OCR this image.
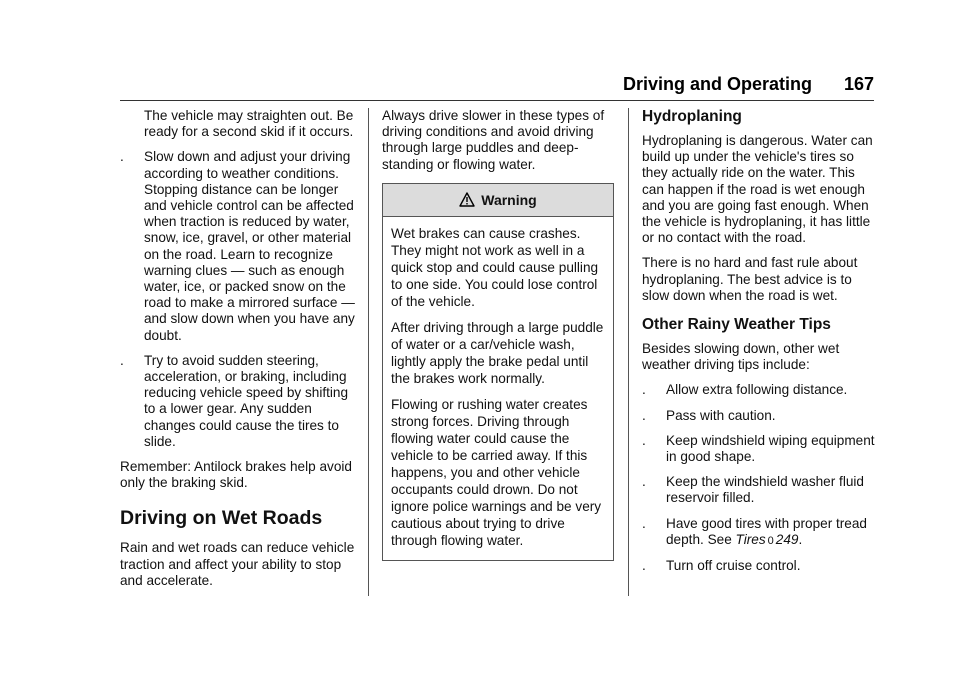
Driving and Operating 167

The vehicle may straighten out. Be ready for a second skid if it occurs.

. Slow down and adjust your driving according to weather conditions. Stopping distance can be longer and vehicle control can be affected when traction is reduced by water, snow, ice, gravel, or other material on the road. Learn to recognize warning clues — such as enough water, ice, or packed snow on the road to make a mirrored surface — and slow down when you have any doubt.
. Try to avoid sudden steering, acceleration, or braking, including reducing vehicle speed by shifting to a lower gear. Any sudden changes could cause the tires to slide.

Remember: Antilock brakes help avoid only the braking skid.

Driving on Wet Roads

Rain and wet roads can reduce vehicle traction and affect your ability to stop and accelerate.

Always drive slower in these types of driving conditions and avoid driving through large puddles and deep-standing or flowing water.

Warning

Wet brakes can cause crashes. They might not work as well in a quick stop and could cause pulling to one side. You could lose control of the vehicle.

After driving through a large puddle of water or a car/vehicle wash, lightly apply the brake pedal until the brakes work normally.

Flowing or rushing water creates strong forces. Driving through flowing water could cause the vehicle to be carried away. If this happens, you and other vehicle occupants could drown. Do not ignore police warnings and be very cautious about trying to drive through flowing water.

Hydroplaning

Hydroplaning is dangerous. Water can build up under the vehicle's tires so they actually ride on the water. This can happen if the road is wet enough and you are going fast enough. When the vehicle is hydroplaning, it has little or no contact with the road.

There is no hard and fast rule about hydroplaning. The best advice is to slow down when the road is wet.

Other Rainy Weather Tips

Besides slowing down, other wet weather driving tips include:

. Allow extra following distance.
. Pass with caution.
. Keep windshield wiping equipment in good shape.
. Keep the windshield washer fluid reservoir filled.
. Have good tires with proper tread depth. See Tires 0 249.
. Turn off cruise control.
